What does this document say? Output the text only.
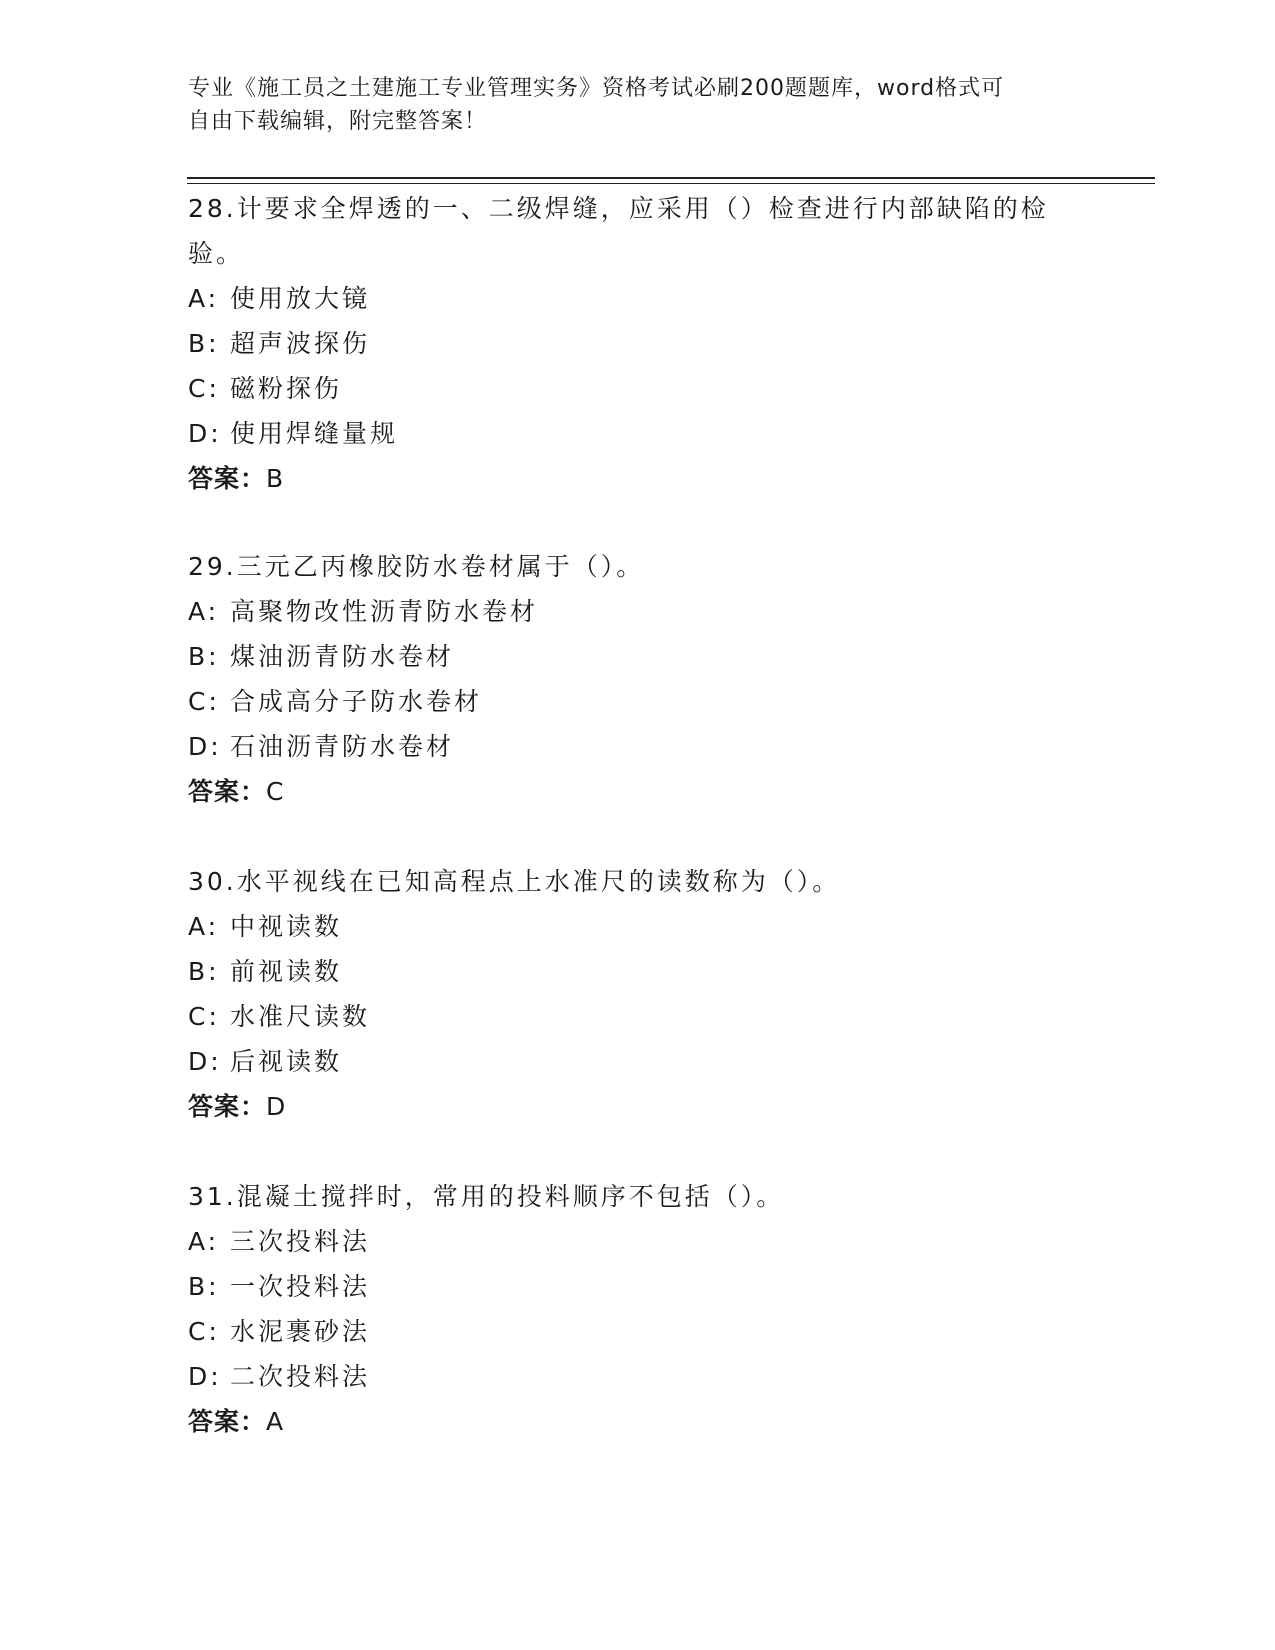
专业《施工员之土建施工专业管理实务》资格考试必刷200题题库，word格式可
自由下载编辑，附完整答案！
28.计要求全焊透的一、二级焊缝，应采用（）检查进行内部缺陷的检
验。
A: 使用放大镜
B: 超声波探伤
C: 磁粉探伤
D: 使用焊缝量规
答案：B
29.三元乙丙橡胶防水卷材属于（）。
A: 高聚物改性沥青防水卷材
B: 煤油沥青防水卷材
C: 合成高分子防水卷材
D: 石油沥青防水卷材
答案：C
30.水平视线在已知高程点上水准尺的读数称为（）。
A: 中视读数
B: 前视读数
C: 水准尺读数
D: 后视读数
答案：D
31.混凝土搅拌时，常用的投料顺序不包括（）。
A: 三次投料法
B: 一次投料法
C: 水泥裹砂法
D: 二次投料法
答案：A
